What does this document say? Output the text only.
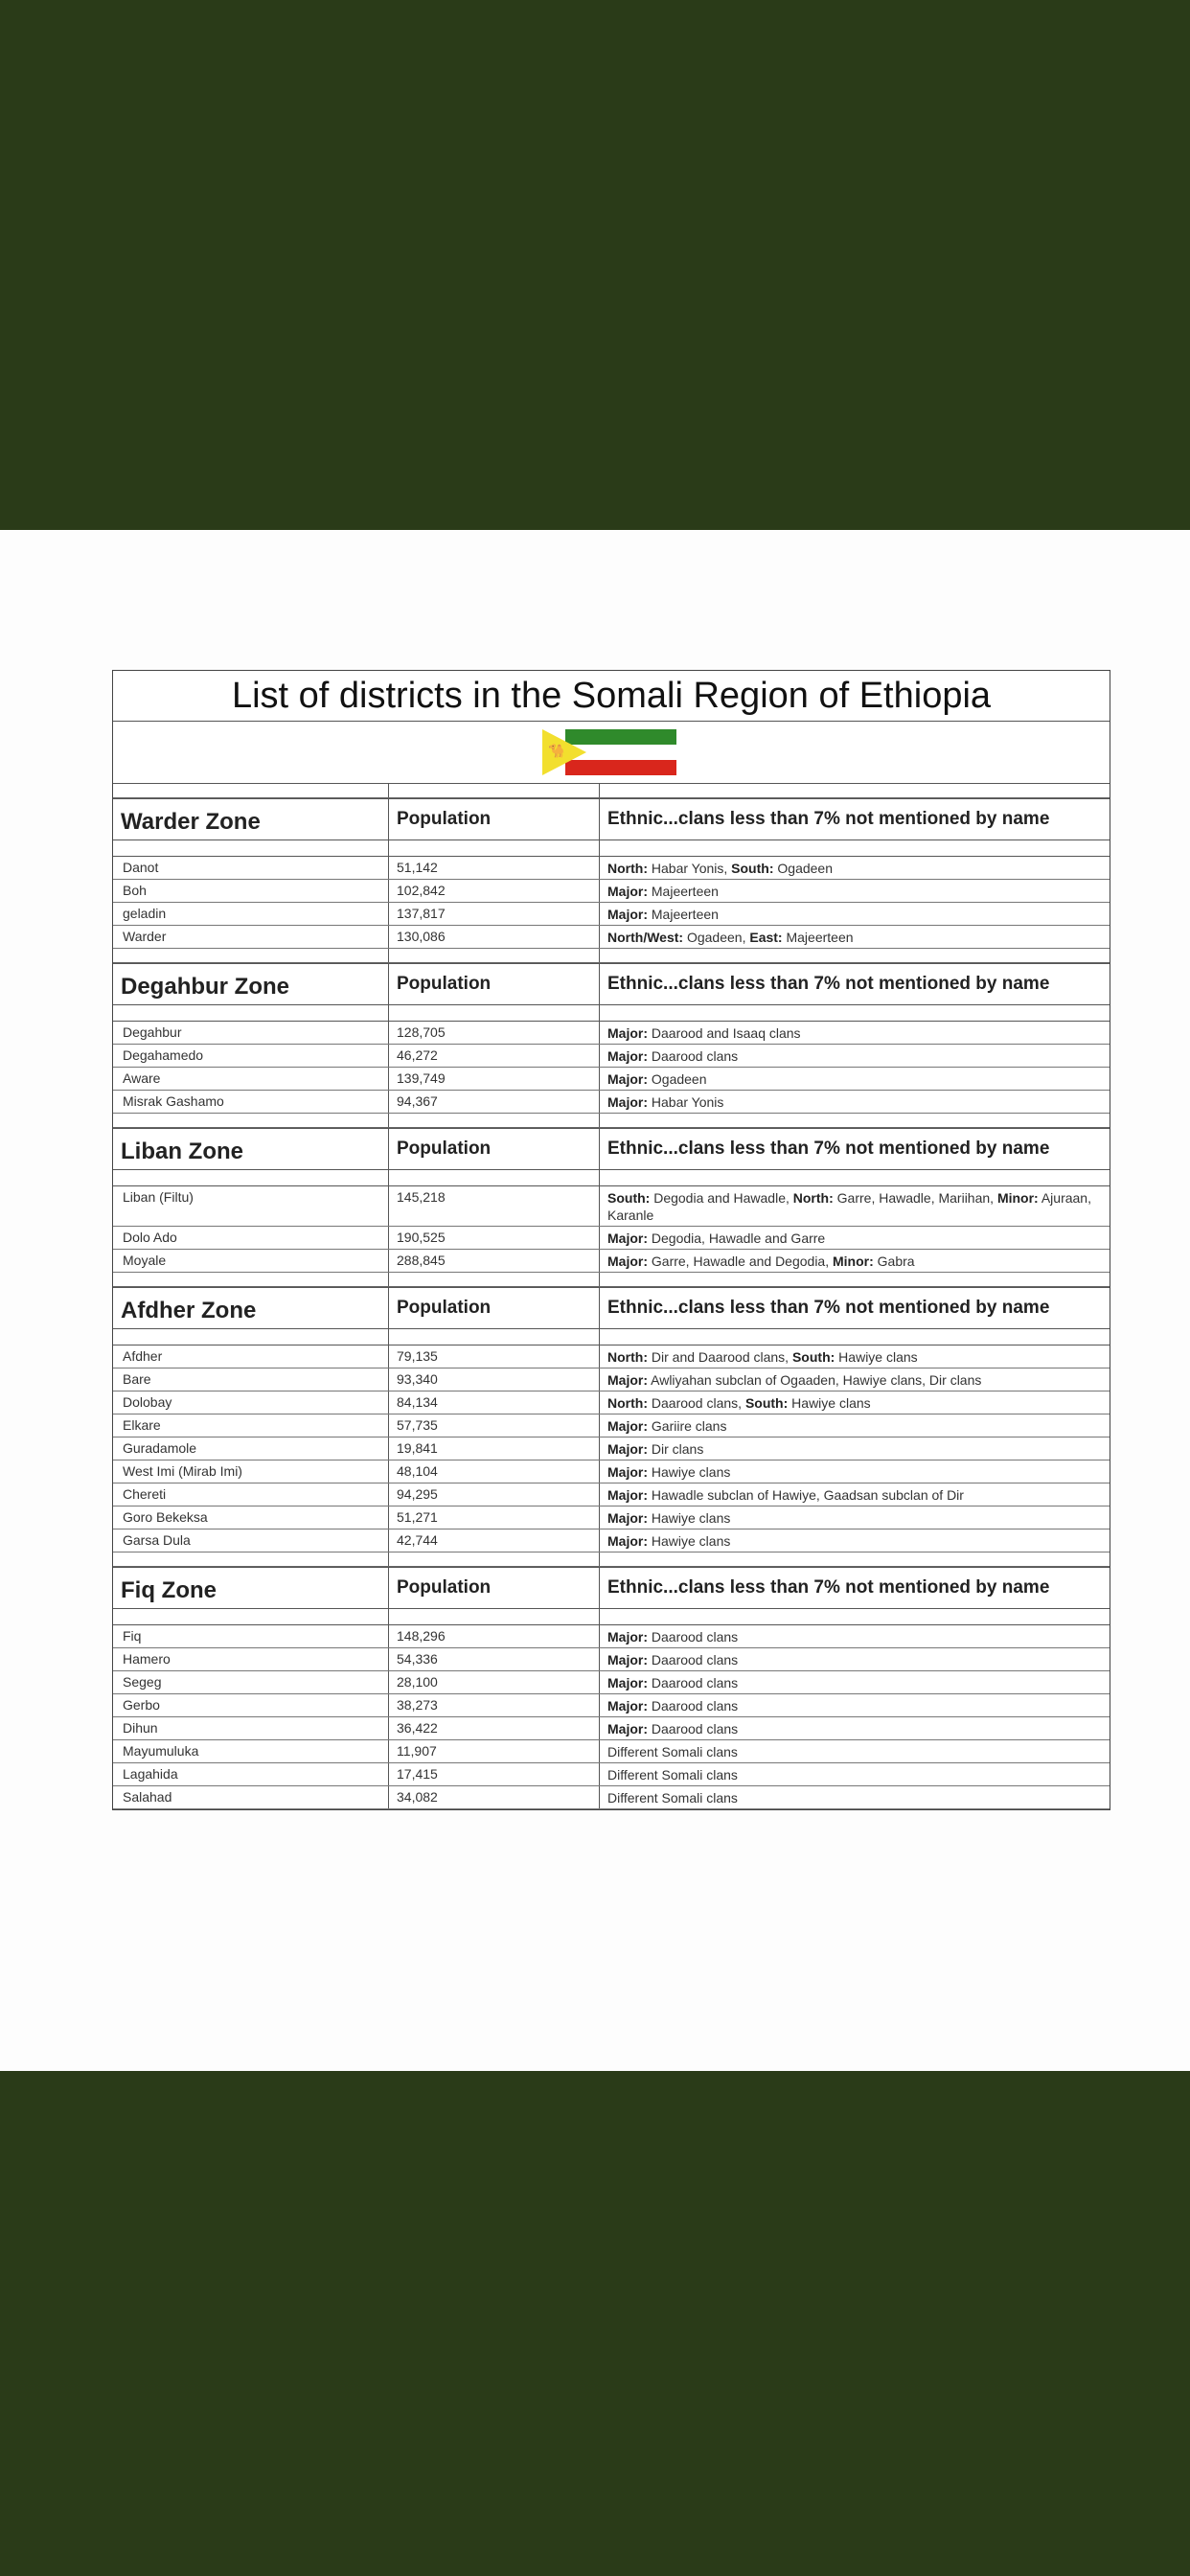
List of districts in the Somali Region of Ethiopia
🐪
Warder Zone	Population	Ethnic...clans less than 7% not mentioned by name
Danot	51,142	North: Habar Yonis, South: Ogadeen
Boh	102,842	Major: Majeerteen
geladin	137,817	Major: Majeerteen
Warder	130,086	North/West: Ogadeen, East: Majeerteen
Degahbur Zone	Population	Ethnic...clans less than 7% not mentioned by name
Degahbur	128,705	Major: Daarood and Isaaq clans
Degahamedo	46,272	Major: Daarood clans
Aware	139,749	Major: Ogadeen
Misrak Gashamo	94,367	Major: Habar Yonis
Liban Zone	Population	Ethnic...clans less than 7% not mentioned by name
Liban (Filtu)	145,218	South: Degodia and Hawadle, North: Garre, Hawadle, Mariihan, Minor: Ajuraan, Karanle
Dolo Ado	190,525	Major: Degodia, Hawadle and Garre
Moyale	288,845	Major: Garre, Hawadle and Degodia, Minor: Gabra
Afdher Zone	Population	Ethnic...clans less than 7% not mentioned by name
Afdher	79,135	North: Dir and Daarood clans, South: Hawiye clans
Bare	93,340	Major: Awliyahan subclan of Ogaaden, Hawiye clans, Dir clans
Dolobay	84,134	North: Daarood clans, South: Hawiye clans
Elkare	57,735	Major: Gariire clans
Guradamole	19,841	Major: Dir clans
West Imi (Mirab Imi)	48,104	Major: Hawiye clans
Chereti	94,295	Major: Hawadle subclan of Hawiye, Gaadsan subclan of Dir
Goro Bekeksa	51,271	Major: Hawiye clans
Garsa Dula	42,744	Major: Hawiye clans
Fiq Zone	Population	Ethnic...clans less than 7% not mentioned by name
Fiq	148,296	Major: Daarood clans
Hamero	54,336	Major: Daarood clans
Segeg	28,100	Major: Daarood clans
Gerbo	38,273	Major: Daarood clans
Dihun	36,422	Major: Daarood clans
Mayumuluka	11,907	Different Somali clans
Lagahida	17,415	Different Somali clans
Salahad	34,082	Different Somali clans
